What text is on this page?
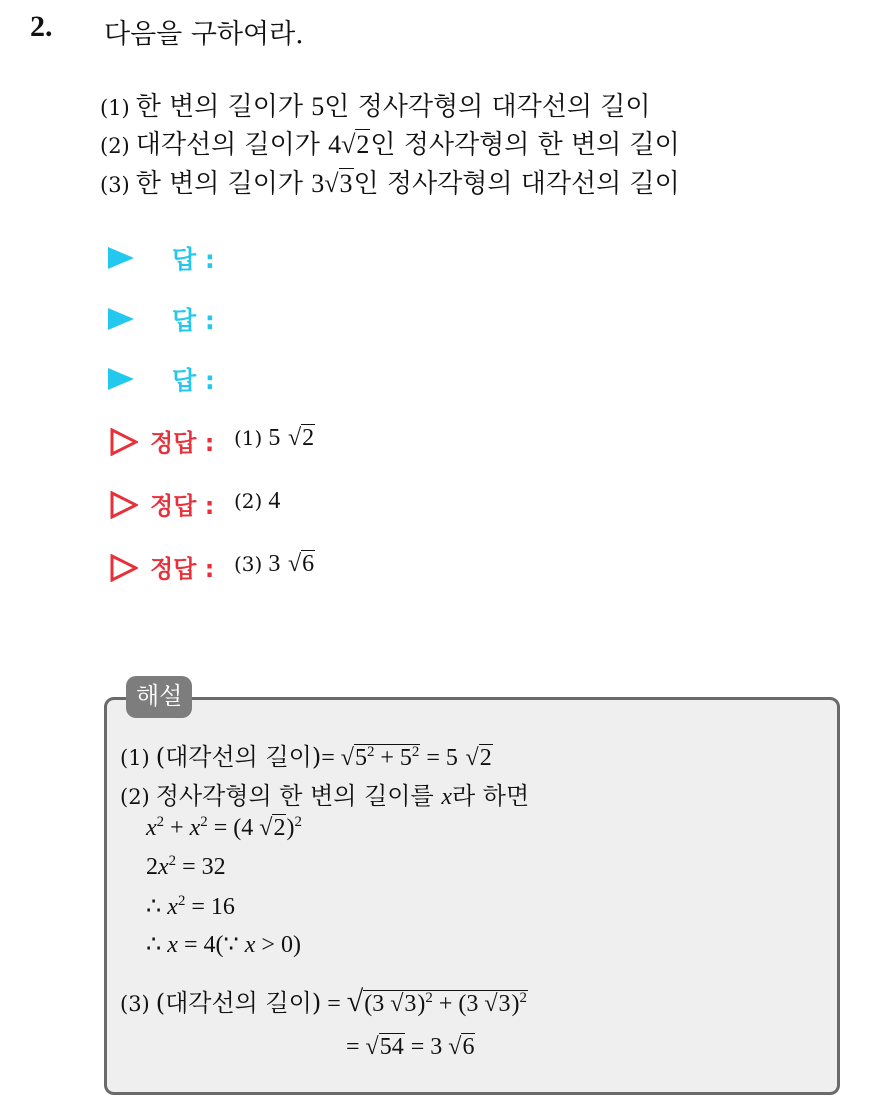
2. 다음을 구하여라.
(1) 한 변의 길이가 5인 정사각형의 대각선의 길이
(2) 대각선의 길이가 4√2인 정사각형의 한 변의 길이
(3) 한 변의 길이가 3√3인 정사각형의 대각선의 길이
답 :
답 :
답 :
정답 : (1) 5 √2
정답 : (2) 4
정답 : (3) 3 √6
해설
(1) (대각선의 길이)= $√5^2 + 5^2 = 5$ √2
(2) 정사각형의 한 변의 길이를 x라 하면
$x^2 + x^2 = (4$ √2)$^2$
$2x^2 = 32$
∴ $x^2 = 16$
∴ x = 4(∵ x > 0)
(3) (대각선의 길이) = √(3 √3)$^2$ + (3 √3)$^2$
= √54 = 3 √6
